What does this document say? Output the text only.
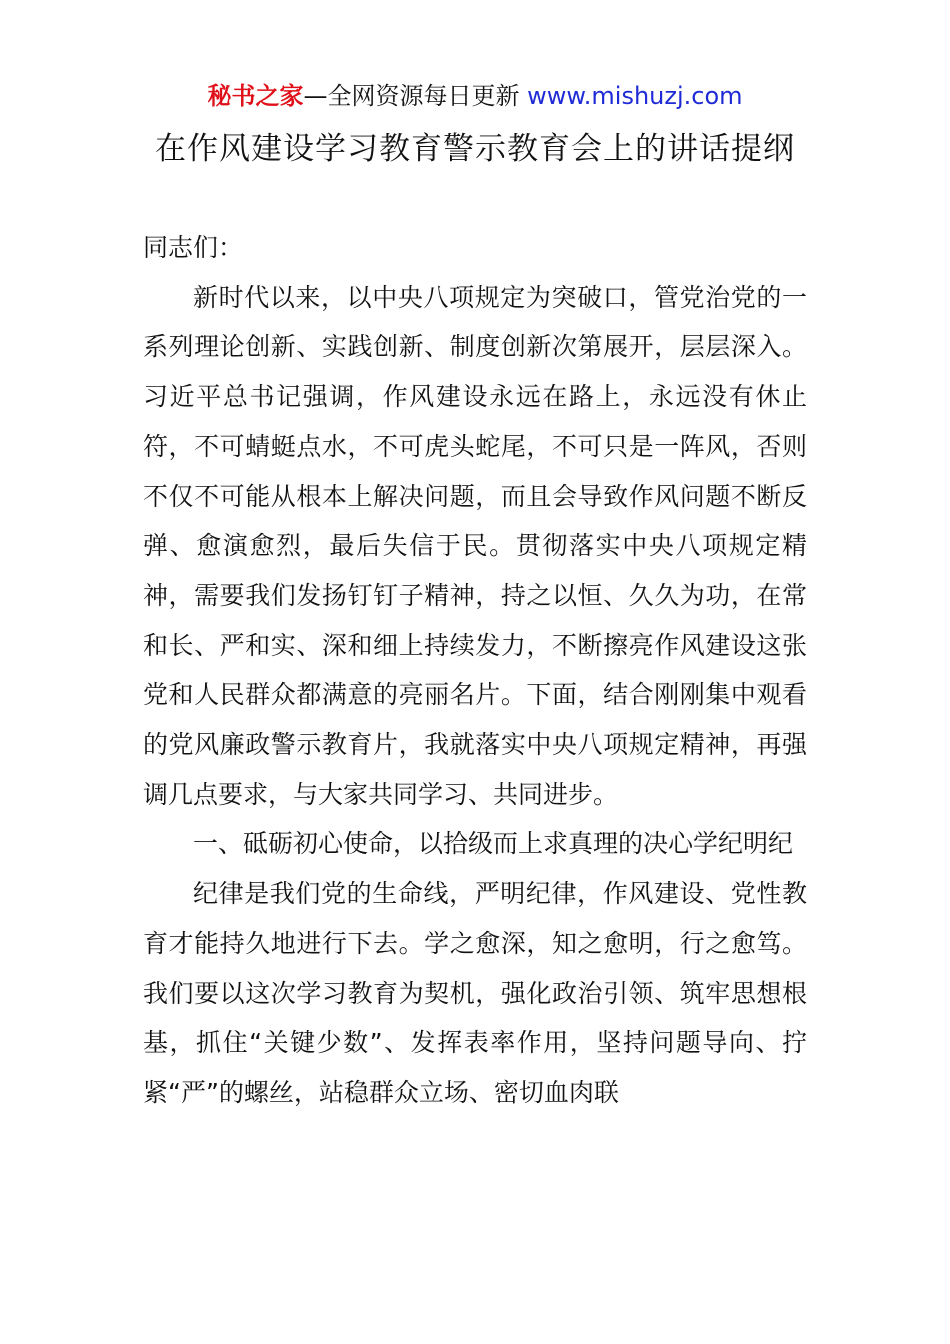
秘书之家—全网资源每日更新 www.mishuzj.com
在作风建设学习教育警示教育会上的讲话提纲

同志们：

新时代以来，以中央八项规定为突破口，管党治党的一系列理论创新、实践创新、制度创新次第展开，层层深入。习近平总书记强调，作风建设永远在路上，永远没有休止符，不可蜻蜓点水，不可虎头蛇尾，不可只是一阵风，否则不仅不可能从根本上解决问题，而且会导致作风问题不断反弹、愈演愈烈，最后失信于民。贯彻落实中央八项规定精神，需要我们发扬钉钉子精神，持之以恒、久久为功，在常和长、严和实、深和细上持续发力，不断擦亮作风建设这张党和人民群众都满意的亮丽名片。下面，结合刚刚集中观看的党风廉政警示教育片，我就落实中央八项规定精神，再强调几点要求，与大家共同学习、共同进步。

一、砥砺初心使命，以拾级而上求真理的决心学纪明纪

纪律是我们党的生命线，严明纪律，作风建设、党性教育才能持久地进行下去。学之愈深，知之愈明，行之愈笃。我们要以这次学习教育为契机，强化政治引领、筑牢思想根基，抓住“关键少数”、发挥表率作用，坚持问题导向、拧紧“严”的螺丝，站稳群众立场、密切血肉联
